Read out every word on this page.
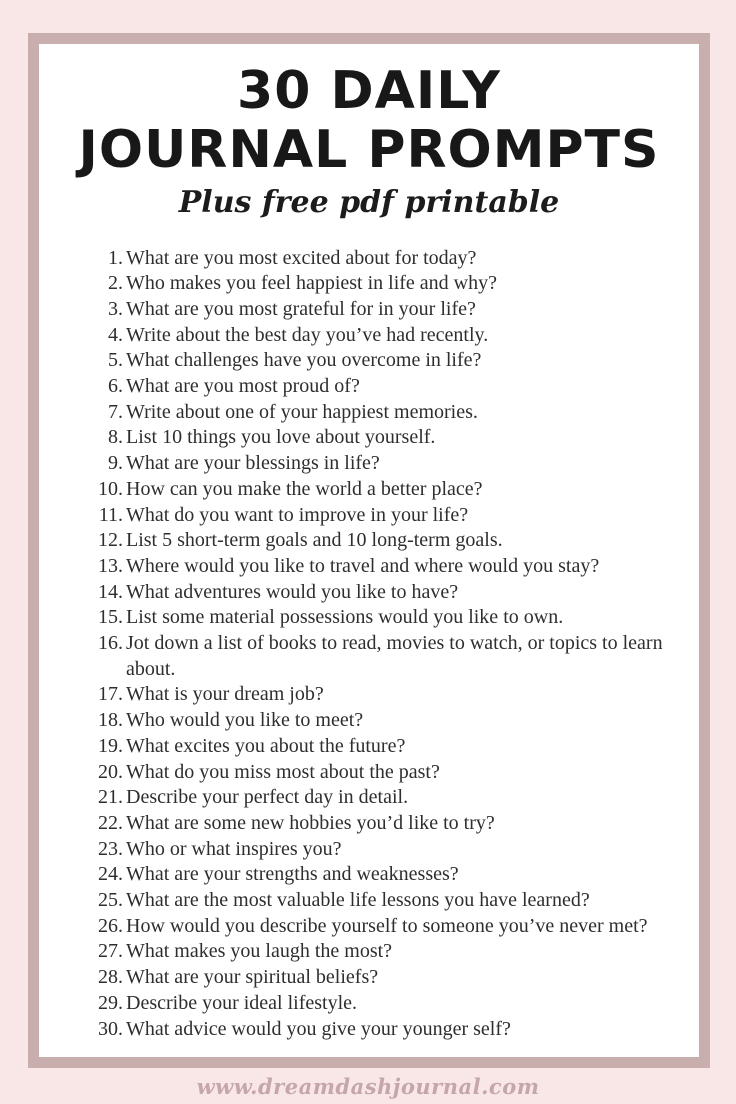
30 DAILY
JOURNAL PROMPTS

Plus free pdf printable

1. What are you most excited about for today?
2. Who makes you feel happiest in life and why?
3. What are you most grateful for in your life?
4. Write about the best day you’ve had recently.
5. What challenges have you overcome in life?
6. What are you most proud of?
7. Write about one of your happiest memories.
8. List 10 things you love about yourself.
9. What are your blessings in life?
10. How can you make the world a better place?
11. What do you want to improve in your life?
12. List 5 short-term goals and 10 long-term goals.
13. Where would you like to travel and where would you stay?
14. What adventures would you like to have?
15. List some material possessions would you like to own.
16. Jot down a list of books to read, movies to watch, or topics to learn about.
17. What is your dream job?
18. Who would you like to meet?
19. What excites you about the future?
20. What do you miss most about the past?
21. Describe your perfect day in detail.
22. What are some new hobbies you’d like to try?
23. Who or what inspires you?
24. What are your strengths and weaknesses?
25. What are the most valuable life lessons you have learned?
26. How would you describe yourself to someone you’ve never met?
27. What makes you laugh the most?
28. What are your spiritual beliefs?
29. Describe your ideal lifestyle.
30. What advice would you give your younger self?
www.dreamdashjournal.com
